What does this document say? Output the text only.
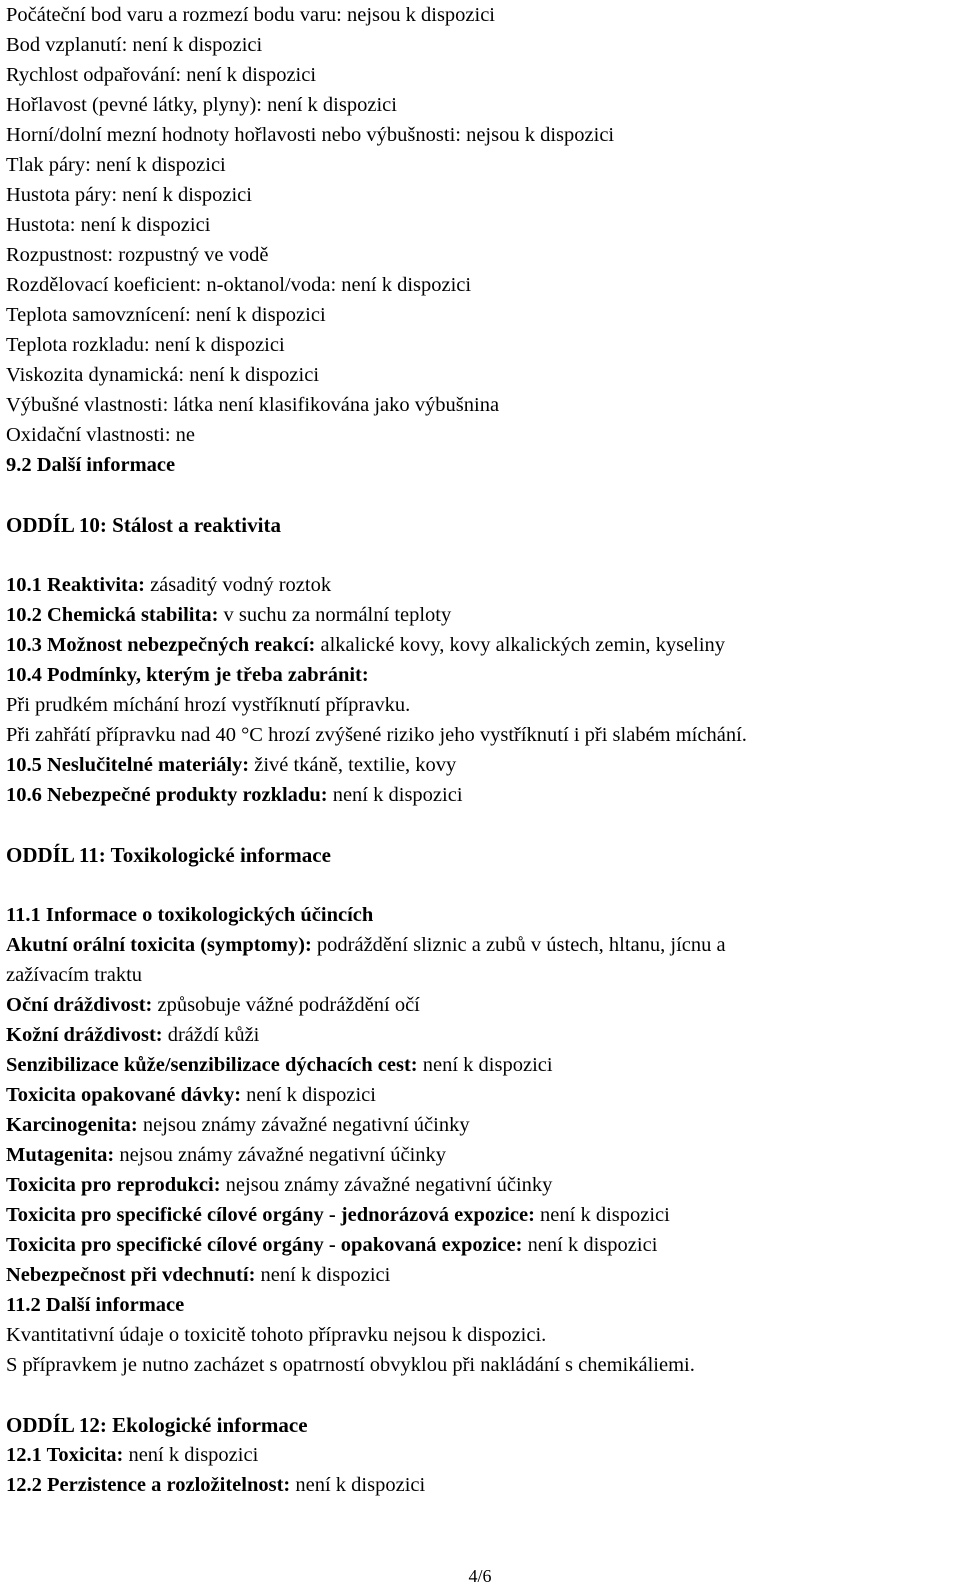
Počáteční bod varu a rozmezí bodu varu: nejsou k dispozici
Bod vzplanutí: není k dispozici
Rychlost odpařování: není k dispozici
Hořlavost (pevné látky, plyny): není k dispozici
Horní/dolní mezní hodnoty hořlavosti nebo výbušnosti: nejsou k dispozici
Tlak páry: není k dispozici
Hustota páry: není k dispozici
Hustota: není k dispozici
Rozpustnost: rozpustný ve vodě
Rozdělovací koeficient: n-oktanol/voda: není k dispozici
Teplota samovznícení: není k dispozici
Teplota rozkladu: není k dispozici
Viskozita dynamická: není k dispozici
Výbušné vlastnosti: látka není klasifikována jako výbušnina
Oxidační vlastnosti: ne
9.2 Další informace
ODDÍL 10: Stálost a reaktivita
10.1 Reaktivita: zásaditý vodný roztok
10.2 Chemická stabilita: v suchu za normální teploty
10.3 Možnost nebezpečných reakcí: alkalické kovy, kovy alkalických zemin, kyseliny
10.4 Podmínky, kterým je třeba zabránit:
Při prudkém míchání hrozí vystříknutí přípravku.
Při zahřátí přípravku nad 40 °C hrozí zvýšené riziko jeho vystříknutí i při slabém míchání.
10.5 Neslučitelné materiály: živé tkáně, textilie, kovy
10.6 Nebezpečné produkty rozkladu: není k dispozici
ODDÍL 11: Toxikologické informace
11.1 Informace o toxikologických účincích
Akutní orální toxicita (symptomy): podráždění sliznic a zubů v ústech, hltanu, jícnu a
zažívacím traktu
Oční dráždivost: způsobuje vážné podráždění očí
Kožní dráždivost: dráždí kůži
Senzibilizace kůže/senzibilizace dýchacích cest: není k dispozici
Toxicita opakované dávky: není k dispozici
Karcinogenita: nejsou známy závažné negativní účinky
Mutagenita: nejsou známy závažné negativní účinky
Toxicita pro reprodukci: nejsou známy závažné negativní účinky
Toxicita pro specifické cílové orgány - jednorázová expozice: není k dispozici
Toxicita pro specifické cílové orgány - opakovaná expozice: není k dispozici
Nebezpečnost při vdechnutí: není k dispozici
11.2 Další informace
Kvantitativní údaje o toxicitě tohoto přípravku nejsou k dispozici.
S přípravkem je nutno zacházet s opatrností obvyklou při nakládání s chemikáliemi.
ODDÍL 12: Ekologické informace
12.1 Toxicita: není k dispozici
12.2 Perzistence a rozložitelnost: není k dispozici
4/6
